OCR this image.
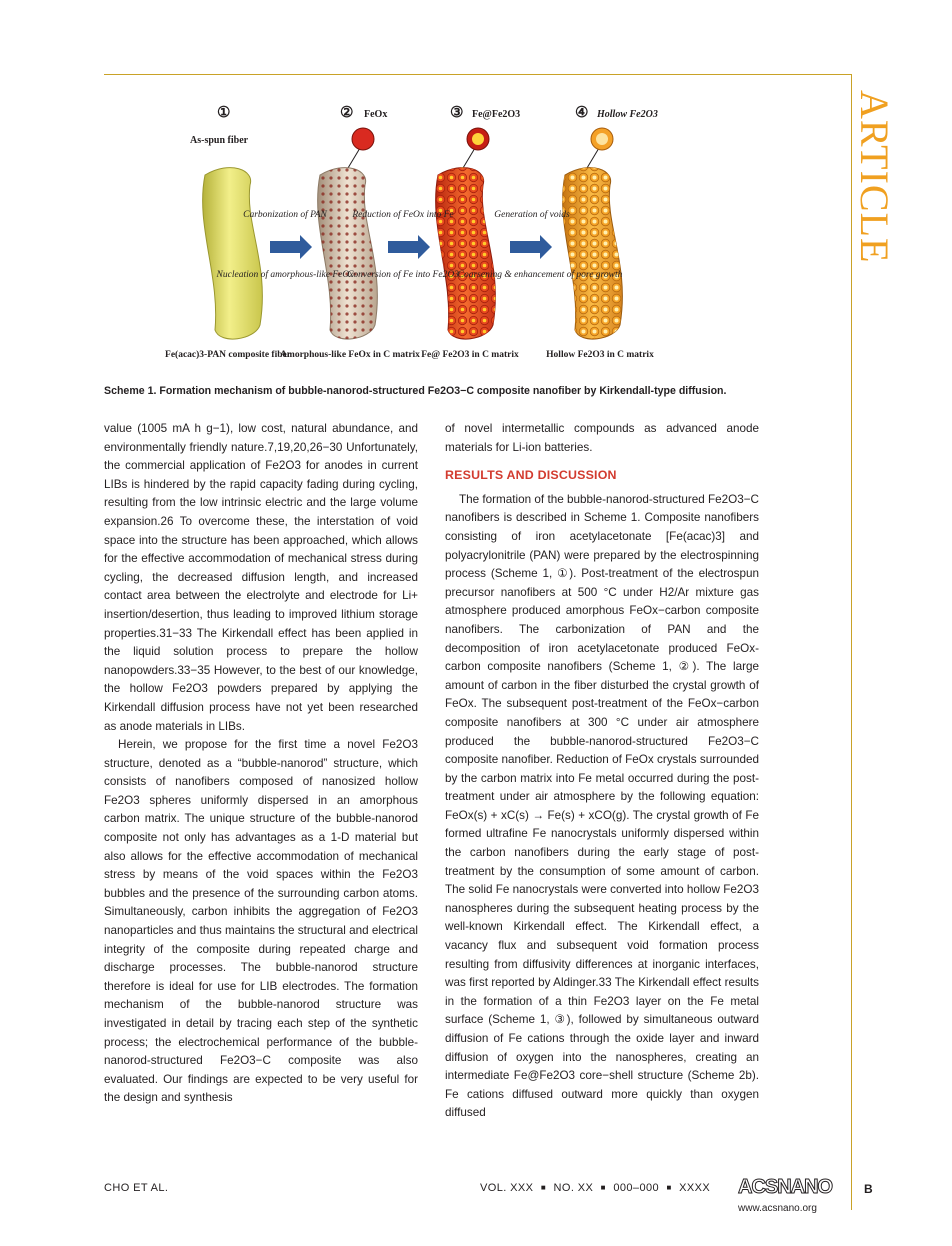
ARTICLE
①	②	③	④
As-spun fiber
FeOx	Fe@Fe2O3	Hollow Fe2O3
Carbonization of PAN	Reduction of FeOx into Fe	Generation of voids
Nucleation of amorphous-like FeOx
Conversion of Fe into Fe2O3
Coarsening & enhancement of pore growth
Fe(acac)3-PAN composite fiber
Amorphous-like FeOx in C matrix Fe@ Fe2O3 in C matrix	Hollow Fe2O3 in C matrix
Scheme 1. Formation mechanism of bubble-nanorod-structured Fe2O3−C composite nanofiber by Kirkendall-type diffusion.

value (1005 mA h g−1), low cost, natural abundance, and environmentally friendly nature.7,19,20,26−30 Unfortunately, the commercial application of Fe2O3 for anodes in current LIBs is hindered by the rapid capacity fading during cycling, resulting from the low intrinsic electric and the large volume expansion.26 To overcome these, the interstation of void space into the structure has been approached, which allows for the effective accommodation of mechanical stress during cycling, the decreased diffusion length, and increased contact area between the electrolyte and electrode for Li+ insertion/desertion, thus leading to improved lithium storage properties.31−33 The Kirkendall effect has been applied in the liquid solution process to prepare the hollow nanopowders.33−35 However, to the best of our knowledge, the hollow Fe2O3 powders prepared by applying the Kirkendall diffusion process have not yet been researched as anode materials in LIBs.

Herein, we propose for the first time a novel Fe2O3 structure, denoted as a “bubble-nanorod” structure, which consists of nanofibers composed of nanosized hollow Fe2O3 spheres uniformly dispersed in an amorphous carbon matrix. The unique structure of the bubble-nanorod composite not only has advantages as a 1-D material but also allows for the effective accommodation of mechanical stress by means of the void spaces within the Fe2O3 bubbles and the presence of the surrounding carbon atoms. Simultaneously, carbon inhibits the aggregation of Fe2O3 nanoparticles and thus maintains the structural and electrical integrity of the composite during repeated charge and discharge processes. The bubble-nanorod structure therefore is ideal for use for LIB electrodes. The formation mechanism of the bubble-nanorod structure was investigated in detail by tracing each step of the synthetic process; the electrochemical performance of the bubble-nanorod-structured Fe2O3−C composite was also evaluated. Our findings are expected to be very useful for the design and synthesis

of novel intermetallic compounds as advanced anode materials for Li-ion batteries.

RESULTS AND DISCUSSION

The formation of the bubble-nanorod-structured Fe2O3−C nanofibers is described in Scheme 1. Composite nanofibers consisting of iron acetylacetonate [Fe(acac)3] and polyacrylonitrile (PAN) were prepared by the electrospinning process (Scheme 1, ①). Post-treatment of the electrospun precursor nanofibers at 500 °C under H2/Ar mixture gas atmosphere produced amorphous FeOx−carbon composite nanofibers. The carbonization of PAN and the decomposition of iron acetylacetonate produced FeOx-carbon composite nanofibers (Scheme 1, ②). The large amount of carbon in the fiber disturbed the crystal growth of FeOx. The subsequent post-treatment of the FeOx−carbon composite nanofibers at 300 °C under air atmosphere produced the bubble-nanorod-structured Fe2O3−C composite nanofiber. Reduction of FeOx crystals surrounded by the carbon matrix into Fe metal occurred during the post-treatment under air atmosphere by the following equation: FeOx(s) + xC(s) → Fe(s) + xCO(g). The crystal growth of Fe formed ultrafine Fe nanocrystals uniformly dispersed within the carbon nanofibers during the early stage of post-treatment by the consumption of some amount of carbon. The solid Fe nanocrystals were converted into hollow Fe2O3 nanospheres during the subsequent heating process by the well-known Kirkendall effect. The Kirkendall effect, a vacancy flux and subsequent void formation process resulting from diffusivity differences at inorganic interfaces, was first reported by Aldinger.33 The Kirkendall effect results in the formation of a thin Fe2O3 layer on the Fe metal surface (Scheme 1, ③), followed by simultaneous outward diffusion of Fe cations through the oxide layer and inward diffusion of oxygen into the nanospheres, creating an intermediate Fe@Fe2O3 core−shell structure (Scheme 2b). Fe cations diffused outward more quickly than oxygen diffused

CHO ET AL.	VOL. XXX ■ NO. XX ■ 000–000 ■ XXXX ACSNANO
www.acsnano.org
B
